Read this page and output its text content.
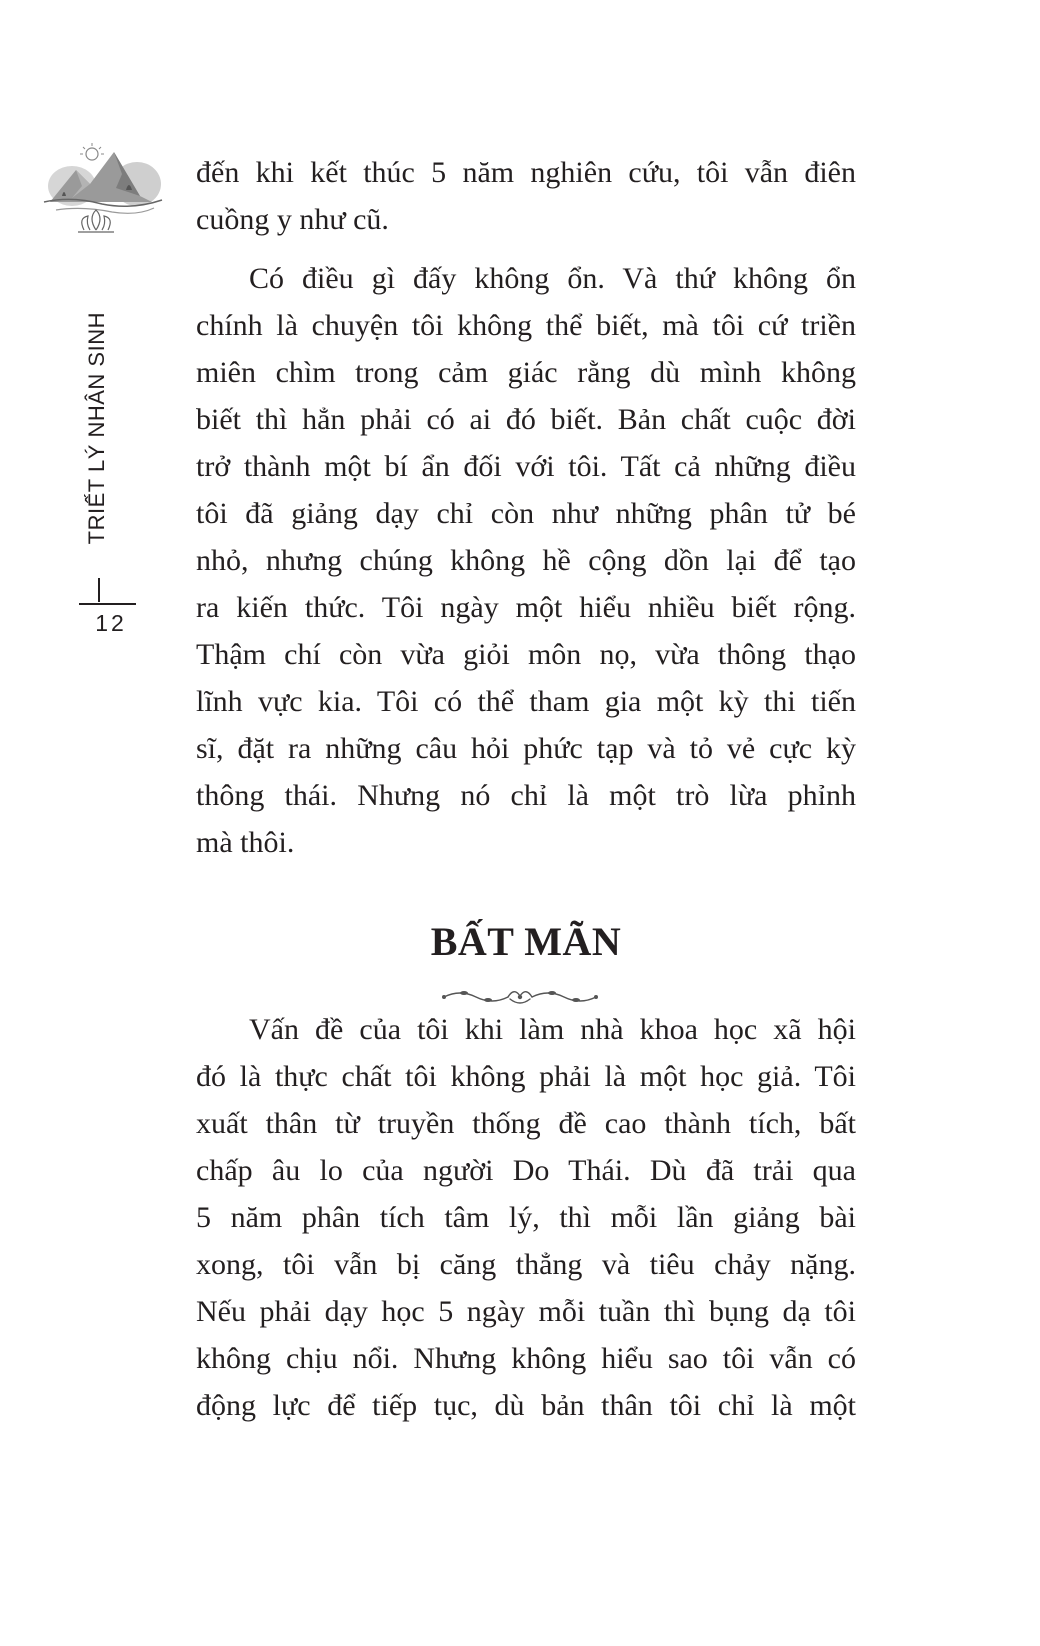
TRIẾT LÝ NHÂN SINH
12
đến khi kết thúc 5 năm nghiên cứu, tôi vẫn điên
cuồng y như cũ.
Có điều gì đấy không ổn. Và thứ không ổn
chính là chuyện tôi không thể biết, mà tôi cứ triền
miên chìm trong cảm giác rằng dù mình không
biết thì hẳn phải có ai đó biết. Bản chất cuộc đời
trở thành một bí ẩn đối với tôi. Tất cả những điều
tôi đã giảng dạy chỉ còn như những phân tử bé
nhỏ, nhưng chúng không hề cộng dồn lại để tạo
ra kiến thức. Tôi ngày một hiểu nhiều biết rộng.
Thậm chí còn vừa giỏi môn nọ, vừa thông thạo
lĩnh vực kia. Tôi có thể tham gia một kỳ thi tiến
sĩ, đặt ra những câu hỏi phức tạp và tỏ vẻ cực kỳ
thông thái. Nhưng nó chỉ là một trò lừa phỉnh
mà thôi.
BẤT MÃN
Vấn đề của tôi khi làm nhà khoa học xã hội
đó là thực chất tôi không phải là một học giả. Tôi
xuất thân từ truyền thống đề cao thành tích, bất
chấp âu lo của người Do Thái. Dù đã trải qua
5 năm phân tích tâm lý, thì mỗi lần giảng bài
xong, tôi vẫn bị căng thẳng và tiêu chảy nặng.
Nếu phải dạy học 5 ngày mỗi tuần thì bụng dạ tôi
không chịu nổi. Nhưng không hiểu sao tôi vẫn có
động lực để tiếp tục, dù bản thân tôi chỉ là một
